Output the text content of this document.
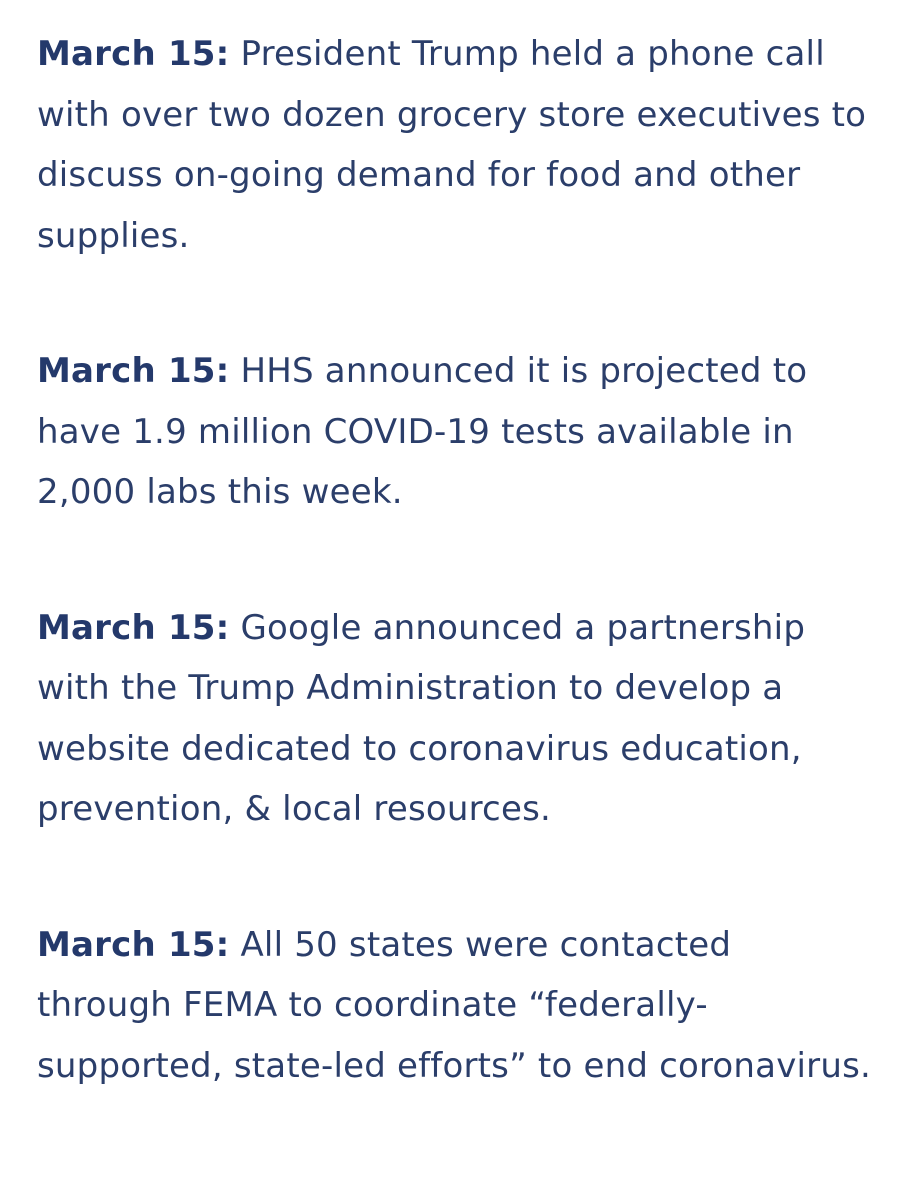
March 15: President Trump held a phone call with over two dozen grocery store executives to discuss on-going demand for food and other supplies.

March 15: HHS announced it is projected to have 1.9 million COVID-19 tests available in 2,000 labs this week.

March 15: Google announced a partnership with the Trump Administration to develop a website dedicated to coronavirus education, prevention, & local resources.

March 15: All 50 states were contacted through FEMA to coordinate “federally-supported, state-led efforts” to end coronavirus.
